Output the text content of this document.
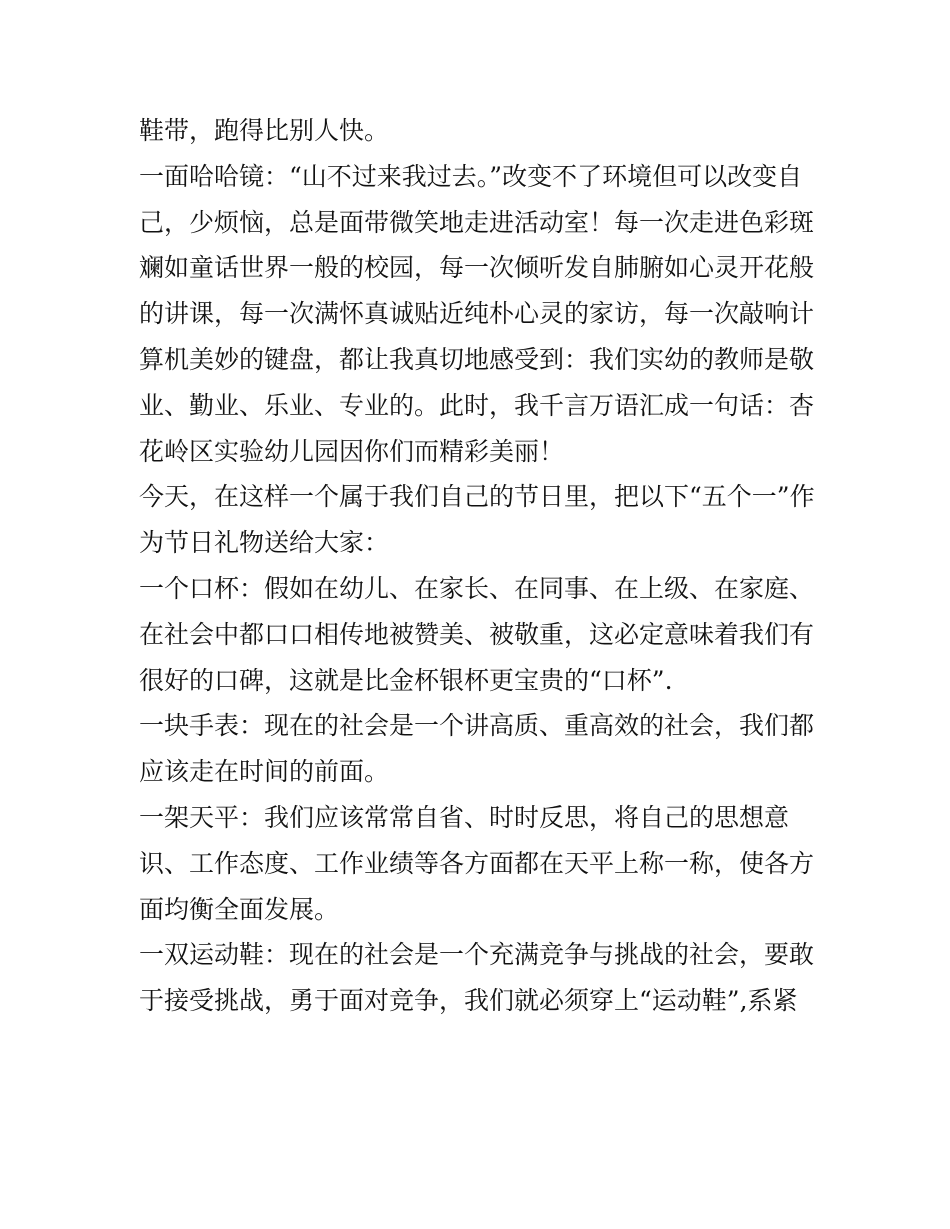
鞋带，跑得比别人快。
一面哈哈镜：“山不过来我过去。”改变不了环境但可以改变自
己，少烦恼，总是面带微笑地走进活动室！每一次走进色彩斑
斓如童话世界一般的校园，每一次倾听发自肺腑如心灵开花般
的讲课，每一次满怀真诚贴近纯朴心灵的家访，每一次敲响计
算机美妙的键盘，都让我真切地感受到：我们实幼的教师是敬
业、勤业、乐业、专业的。此时，我千言万语汇成一句话：杏
花岭区实验幼儿园因你们而精彩美丽！
今天，在这样一个属于我们自己的节日里，把以下“五个一”作
为节日礼物送给大家：
一个口杯：假如在幼儿、在家长、在同事、在上级、在家庭、
在社会中都口口相传地被赞美、被敬重，这必定意味着我们有
很好的口碑，这就是比金杯银杯更宝贵的“口杯”.
一块手表：现在的社会是一个讲高质、重高效的社会，我们都
应该走在时间的前面。
一架天平：我们应该常常自省、时时反思，将自己的思想意
识、工作态度、工作业绩等各方面都在天平上称一称，使各方
面均衡全面发展。
一双运动鞋：现在的社会是一个充满竞争与挑战的社会，要敢
于接受挑战，勇于面对竞争，我们就必须穿上“运动鞋”,系紧
